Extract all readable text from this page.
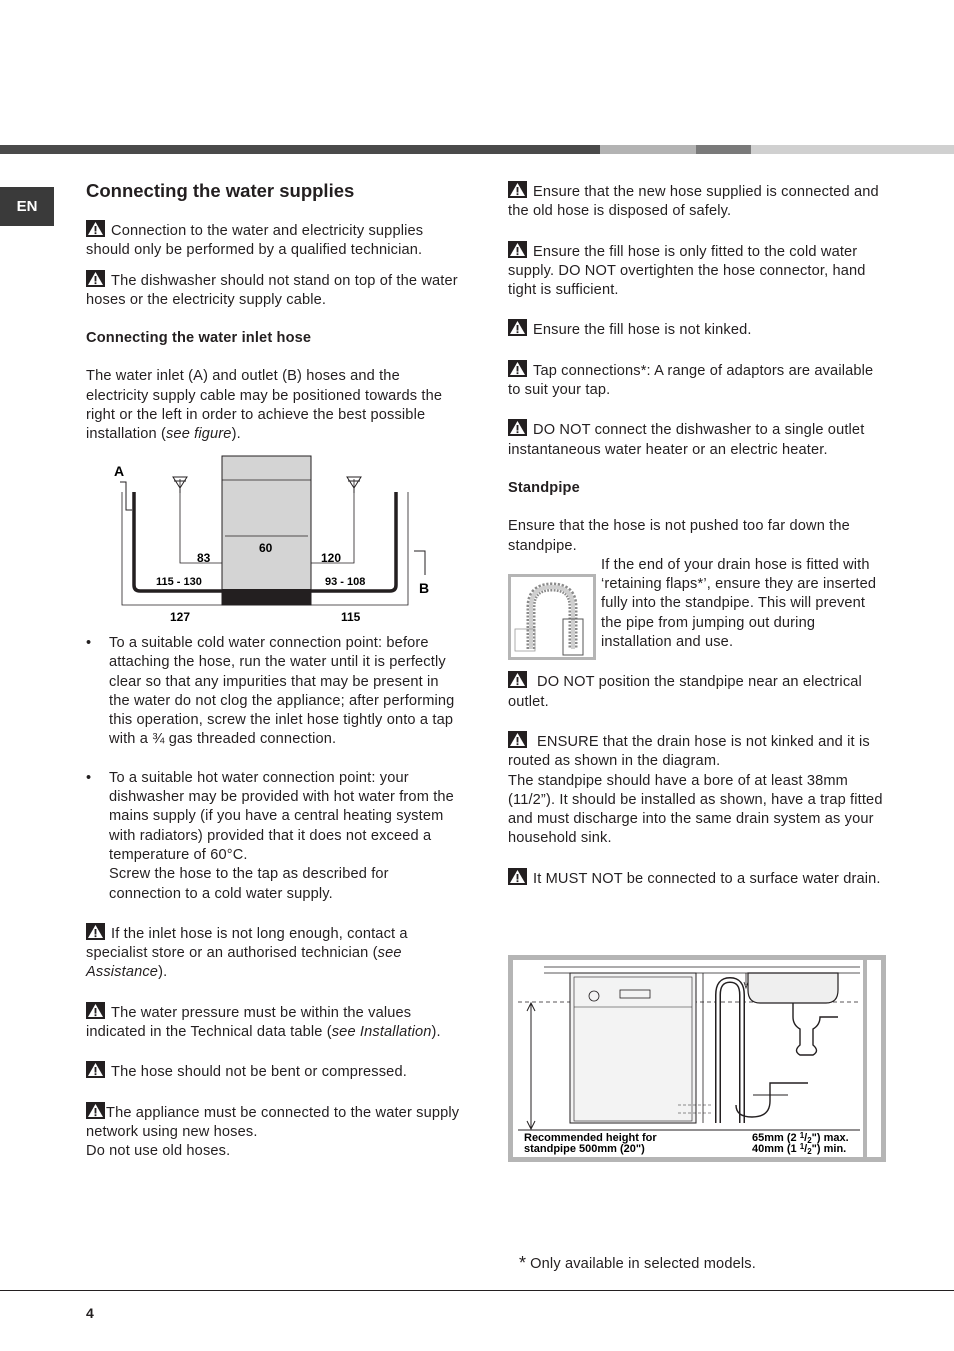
EN

Connecting the water supplies

Connection to the water and electricity supplies should only be performed by a qualified technician.

The dishwasher should not stand on top of the water hoses or the electricity supply cable.

Connecting the water inlet hose

The water inlet (A) and outlet (B) hoses and the electricity supply cable may be positioned towards the right or the left in order to achieve the best possible installation (see figure).

A
60
83
115 - 130
120
93 - 108	B
127	115

• To a suitable cold water connection point: before attaching the hose, run the water until it is perfectly clear so that any impurities that may be present in the water do not clog the appliance; after performing this operation, screw the inlet hose tightly onto a tap with a ¾ gas threaded connection.

• To a suitable hot water connection point: your dishwasher may be provided with hot water from the mains supply (if you have a central heating system with radiators) provided that it does not exceed a temperature of 60°C.
Screw the hose to the tap as described for connection to a cold water supply.

If the inlet hose is not long enough, contact a specialist store or an authorised technician (see Assistance).

The water pressure must be within the values indicated in the Technical data table (see Installation).

The hose should not be bent or compressed.

The appliance must be connected to the water supply network using new hoses.
Do not use old hoses.

Ensure that the new hose supplied is connected and the old hose is disposed of safely.

Ensure the fill hose is only fitted to the cold water supply. DO NOT overtighten the hose connector, hand tight is sufficient.

Ensure the fill hose is not kinked.

Tap connections*: A range of adaptors are available to suit your tap.

DO NOT connect the dishwasher to a single outlet instantaneous water heater or an electric heater.

Standpipe

Ensure that the hose is not pushed too far down the standpipe.

If the end of your drain hose is fitted with ‘retaining flaps*’, ensure they are inserted fully into the standpipe. This will prevent the pipe from jumping out during installation and use.

DO NOT position the standpipe near an electrical outlet.

ENSURE that the drain hose is not kinked and it is routed as shown in the diagram.
The standpipe should have a bore of at least 38mm (11/2”). It should be installed as shown, have a trap fitted and must discharge into the same drain system as your household sink.

It MUST NOT be connected to a surface water drain.

Recommended height for
standpipe 500mm (20")
65mm (2 $^1$/2") max.
40mm (1 $^1$/2") min.
* Only available in selected models.
4
